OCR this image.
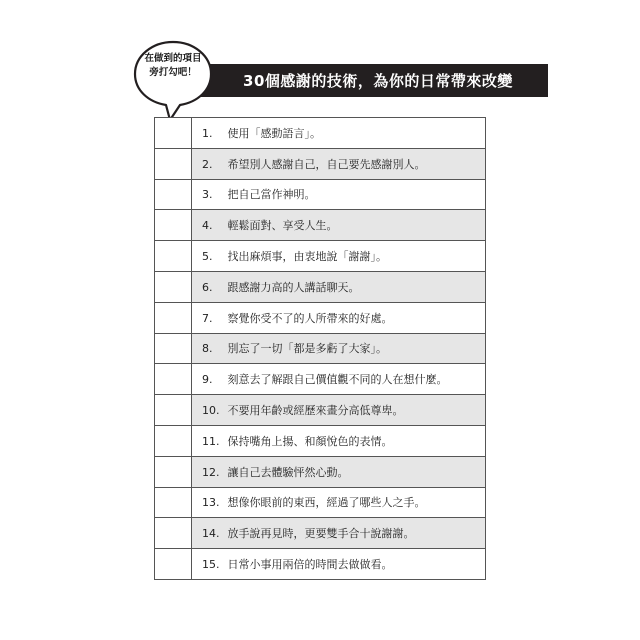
30個感謝的技術，為你的日常帶來改變
在做到的項目
旁打勾吧！
	1. 使用「感動語言」。
	2. 希望別人感謝自己，自己要先感謝別人。
	3. 把自己當作神明。
	4. 輕鬆面對、享受人生。
	5. 找出麻煩事，由衷地說「謝謝」。
	6. 跟感謝力高的人講話聊天。
	7. 察覺你受不了的人所帶來的好處。
	8. 別忘了一切「都是多虧了大家」。
	9. 刻意去了解跟自己價值觀不同的人在想什麼。
	10. 不要用年齡或經歷來畫分高低尊卑。
	11. 保持嘴角上揚、和顏悅色的表情。
	12. 讓自己去體驗怦然心動。
	13. 想像你眼前的東西，經過了哪些人之手。
	14. 放手說再見時，更要雙手合十說謝謝。
	15. 日常小事用兩倍的時間去做做看。
